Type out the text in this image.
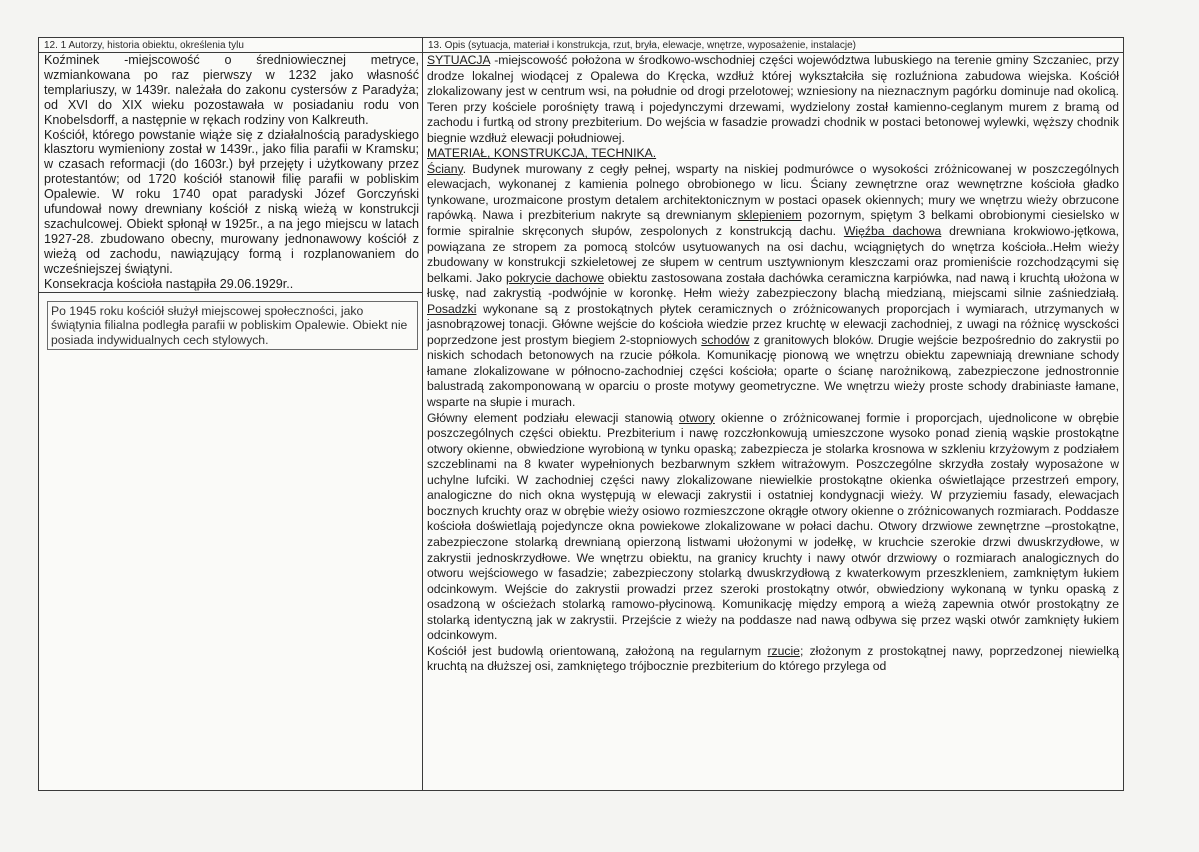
12. 1 Autorzy, historia obiektu, określenia tylu

Koźminek -miejscowość o średniowiecznej metryce, wzmiankowana po raz pierwszy w 1232 jako własność templariuszy, w 1439r. należała do zakonu cystersów z Paradyża; od XVI do XIX wieku pozostawała w posiadaniu rodu von Knobelsdorff, a następnie w rękach rodziny von Kalkreuth.

Kościół, którego powstanie wiąże się z działalnością paradyskiego klasztoru wymieniony został w 1439r., jako filia parafii w Kramsku; w czasach reformacji (do 1603r.) był przejęty i użytkowany przez protestantów; od 1720 kościół stanowił filię parafii w pobliskim Opalewie. W roku 1740 opat paradyski Józef Gorczyński ufundował nowy drewniany kościół z niską wieżą w konstrukcji szachulcowej. Obiekt spłonął w 1925r., a na jego miejscu w latach 1927-28. zbudowano obecny, murowany jednonawowy kościół z wieżą od zachodu, nawiązujący formą i rozplanowaniem do wcześniejszej świątyni.

Konsekracja kościoła nastąpiła 29.06.1929r..

Po 1945 roku kościół służył miejscowej społeczności, jako świątynia filialna podległa parafii w pobliskim Opalewie. Obiekt nie posiada indywidualnych cech stylowych.
13. Opis (sytuacja, materiał i konstrukcja, rzut, bryła, elewacje, wnętrze, wyposażenie, instalacje)

SYTUACJA -miejscowość położona w środkowo-wschodniej części województwa lubuskiego na terenie gminy Szczaniec, przy drodze lokalnej wiodącej z Opalewa do Kręcka, wzdłuż której wykształciła się rozluźniona zabudowa wiejska. Kościół zlokalizowany jest w centrum wsi, na południe od drogi przelotowej; wzniesiony na nieznacznym pagórku dominuje nad okolicą. Teren przy kościele porośnięty trawą i pojedynczymi drzewami, wydzielony został kamienno-ceglanym murem z bramą od zachodu i furtką od strony prezbiterium. Do wejścia w fasadzie prowadzi chodnik w postaci betonowej wylewki, węższy chodnik biegnie wzdłuż elewacji południowej.

MATERIAŁ, KONSTRUKCJA, TECHNIKA.

Ściany. Budynek murowany z cegły pełnej, wsparty na niskiej podmurówce o wysokości zróżnicowanej w poszczególnych elewacjach, wykonanej z kamienia polnego obrobionego w licu. Ściany zewnętrzne oraz wewnętrzne kościoła gładko tynkowane, urozmaicone prostym detalem architektonicznym w postaci opasek okiennych; mury we wnętrzu wieży obrzucone rapówką. Nawa i prezbiterium nakryte są drewnianym sklepieniem pozornym, spiętym 3 belkami obrobionymi ciesielsko w formie spiralnie skręconych słupów, zespolonych z konstrukcją dachu. Więźba dachowa drewniana krokwiowo-jętkowa, powiązana ze stropem za pomocą stolców usytuowanych na osi dachu, wciągniętych do wnętrza kościoła..Hełm wieży zbudowany w konstrukcji szkieletowej ze słupem w centrum usztywnionym kleszczami oraz promieniście rozchodzącymi się belkami. Jako pokrycie dachowe obiektu zastosowana została dachówka ceramiczna karpiówka, nad nawą i kruchtą ułożona w łuskę, nad zakrystią -podwójnie w koronkę. Hełm wieży zabezpieczony blachą miedzianą, miejscami silnie zaśniedziałą. Posadzki wykonane są z prostokątnych płytek ceramicznych o zróżnicowanych proporcjach i wymiarach, utrzymanych w jasnobrązowej tonacji. Główne wejście do kościoła wiedzie przez kruchtę w elewacji zachodniej, z uwagi na różnicę wysckości poprzedzone jest prostym biegiem 2-stopniowych schodów z granitowych bloków. Drugie wejście bezpośrednio do zakrystii po niskich schodach betonowych na rzucie półkola. Komunikację pionową we wnętrzu obiektu zapewniają drewniane schody łamane zlokalizowane w północno-zachodniej części kościoła; oparte o ścianę narożnikową, zabezpieczone jednostronnie balustradą zakomponowaną w oparciu o proste motywy geometryczne. We wnętrzu wieży proste schody drabiniaste łamane, wsparte na słupie i murach.

Główny element podziału elewacji stanowią otwory okienne o zróżnicowanej formie i proporcjach, ujednolicone w obrębie poszczególnych części obiektu. Prezbiterium i nawę rozczłonkowują umieszczone wysoko ponad zienią wąskie prostokątne otwory okienne, obwiedzione wyrobioną w tynku opaską; zabezpiecza je stolarka krosnowa w szkleniu krzyżowym z podziałem szczeblinami na 8 kwater wypełnionych bezbarwnym szkłem witrażowym. Poszczególne skrzydła zostały wyposażone w uchylne lufciki. W zachodniej części nawy zlokalizowane niewielkie prostokątne okienka oświetlające przestrzeń empory, analogiczne do nich okna występują w elewacji zakrystii i ostatniej kondygnacji wieży. W przyziemiu fasady, elewacjach bocznych kruchty oraz w obrębie wieży osiowo rozmieszczone okrągłe otwory okienne o zróżnicowanych rozmiarach. Poddasze kościoła doświetlają pojedyncze okna powiekowe zlokalizowane w połaci dachu. Otwory drzwiowe zewnętrzne –prostokątne, zabezpieczone stolarką drewnianą opierzoną listwami ułożonymi w jodełkę, w kruchcie szerokie drzwi dwuskrzydłowe, w zakrystii jednoskrzydłowe. We wnętrzu obiektu, na granicy kruchty i nawy otwór drzwiowy o rozmiarach analogicznych do otworu wejściowego w fasadzie; zabezpieczony stolarką dwuskrzydłową z kwaterkowym przeszkleniem, zamkniętym łukiem odcinkowym. Wejście do zakrystii prowadzi przez szeroki prostokątny otwór, obwiedziony wykonaną w tynku opaską z osadzoną w ościeżach stolarką ramowo-płycinową. Komunikację między emporą a wieżą zapewnia otwór prostokątny ze stolarką identyczną jak w zakrystii. Przejście z wieży na poddasze nad nawą odbywa się przez wąski otwór zamknięty łukiem odcinkowym.

Kościół jest budowlą orientowaną, założoną na regularnym rzucie; złożonym z prostokątnej nawy, poprzedzonej niewielką kruchtą na dłuższej osi, zamkniętego trójbocznie prezbiterium do którego przylega od
